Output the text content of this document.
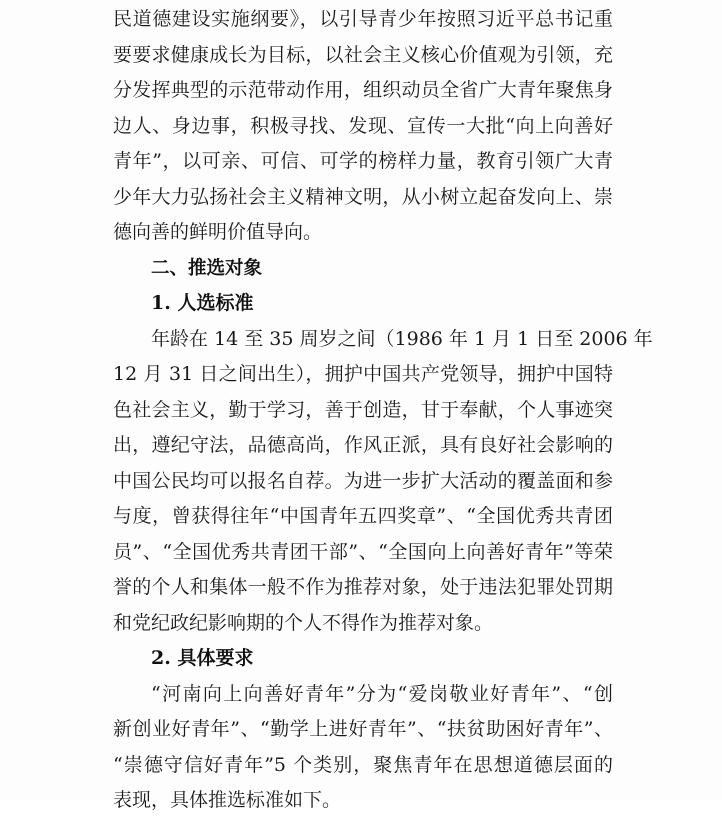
民道德建设实施纲要》，以引导青少年按照习近平总书记重
要要求健康成长为目标，以社会主义核心价值观为引领，充
分发挥典型的示范带动作用，组织动员全省广大青年聚焦身
边人、身边事，积极寻找、发现、宣传一大批“向上向善好
青年”，以可亲、可信、可学的榜样力量，教育引领广大青
少年大力弘扬社会主义精神文明，从小树立起奋发向上、崇
德向善的鲜明价值导向。
二、推选对象
1. 人选标准
年龄在 14 至 35 周岁之间（1986 年 1 月 1 日至 2006 年
12 月 31 日之间出生），拥护中国共产党领导，拥护中国特
色社会主义，勤于学习，善于创造，甘于奉献，个人事迹突
出，遵纪守法，品德高尚，作风正派，具有良好社会影响的
中国公民均可以报名自荐。为进一步扩大活动的覆盖面和参
与度，曾获得往年“中国青年五四奖章”、“全国优秀共青团
员”、“全国优秀共青团干部”、“全国向上向善好青年”等荣
誉的个人和集体一般不作为推荐对象，处于违法犯罪处罚期
和党纪政纪影响期的个人不得作为推荐对象。
2. 具体要求
“河南向上向善好青年”分为“爱岗敬业好青年”、“创
新创业好青年”、“勤学上进好青年”、“扶贫助困好青年”、
“崇德守信好青年”5 个类别，聚焦青年在思想道德层面的
表现，具体推选标准如下。
